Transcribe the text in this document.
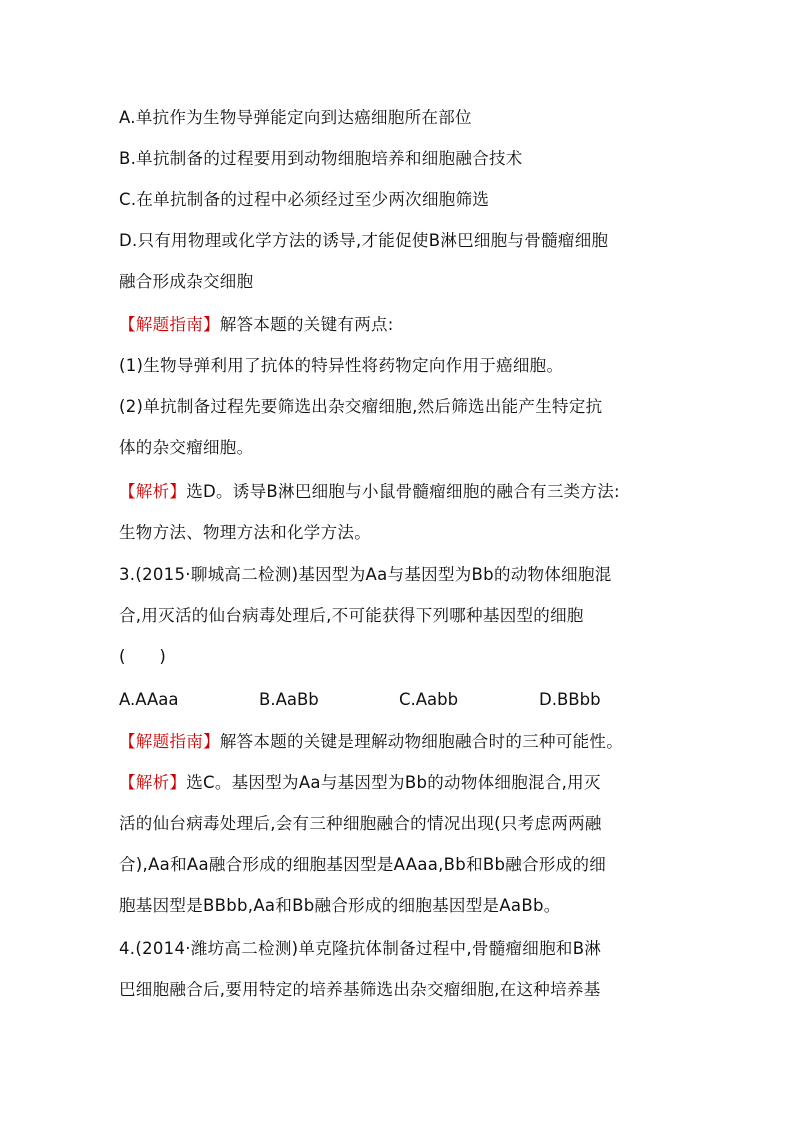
A.单抗作为生物导弹能定向到达癌细胞所在部位
B.单抗制备的过程要用到动物细胞培养和细胞融合技术
C.在单抗制备的过程中必须经过至少两次细胞筛选
D.只有用物理或化学方法的诱导,才能促使B淋巴细胞与骨髓瘤细胞
融合形成杂交细胞
【解题指南】解答本题的关键有两点:
(1)生物导弹利用了抗体的特异性将药物定向作用于癌细胞。
(2)单抗制备过程先要筛选出杂交瘤细胞,然后筛选出能产生特定抗
体的杂交瘤细胞。
【解析】选D。诱导B淋巴细胞与小鼠骨髓瘤细胞的融合有三类方法:
生物方法、物理方法和化学方法。
3.(2015·聊城高二检测)基因型为Aa与基因型为Bb的动物体细胞混
合,用灭活的仙台病毒处理后,不可能获得下列哪种基因型的细胞
(　　)
A.AAaa	B.AaBb	C.Aabb	D.BBbb
【解题指南】解答本题的关键是理解动物细胞融合时的三种可能性。
【解析】选C。基因型为Aa与基因型为Bb的动物体细胞混合,用灭
活的仙台病毒处理后,会有三种细胞融合的情况出现(只考虑两两融
合),Aa和Aa融合形成的细胞基因型是AAaa,Bb和Bb融合形成的细
胞基因型是BBbb,Aa和Bb融合形成的细胞基因型是AaBb。
4.(2014·潍坊高二检测)单克隆抗体制备过程中,骨髓瘤细胞和B淋
巴细胞融合后,要用特定的培养基筛选出杂交瘤细胞,在这种培养基
